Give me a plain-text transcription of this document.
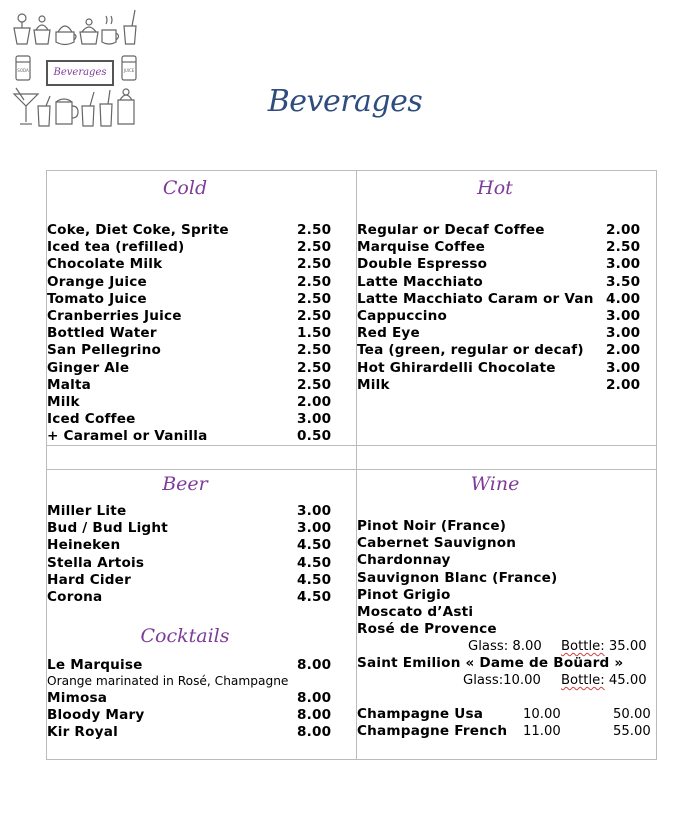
SODA	JUICE
Beverages
Beverages
Cold
Coke, Diet Coke, Sprite	2.50
Iced tea (refilled)	2.50
Chocolate Milk	2.50
Orange Juice	2.50
Tomato Juice	2.50
Cranberries Juice	2.50
Bottled Water	1.50
San Pellegrino	2.50
Ginger Ale	2.50
Malta	2.50
Milk	2.00
Iced Coffee	3.00
+ Caramel or Vanilla	0.50
Hot
Regular or Decaf Coffee	2.00
Marquise Coffee	2.50
Double Espresso	3.00
Latte Macchiato	3.50
Latte Macchiato Caram or Van 4.00
Cappuccino	3.00
Red Eye	3.00
Tea (green, regular or decaf) 2.00
Hot Ghirardelli Chocolate	3.00
Milk	2.00
Beer
Miller Lite	3.00
Bud / Bud Light	3.00
Heineken	4.50
Stella Artois	4.50
Hard Cider	4.50
Corona	4.50
Cocktails
Le Marquise	8.00
Orange marinated in Rosé, Champagne
Mimosa	8.00
Bloody Mary	8.00
Kir Royal	8.00
Wine
Pinot Noir (France)
Cabernet Sauvignon
Chardonnay
Sauvignon Blanc (France)
Pinot Grigio
Moscato d’Asti
Rosé de Provence
Glass: 8.00 Bottle: 35.00
Saint Emilion « Dame de Boüard »
Glass:10.00 Bottle: 45.00
Champagne Usa	10.00	50.00
Champagne French 11.00	55.00
